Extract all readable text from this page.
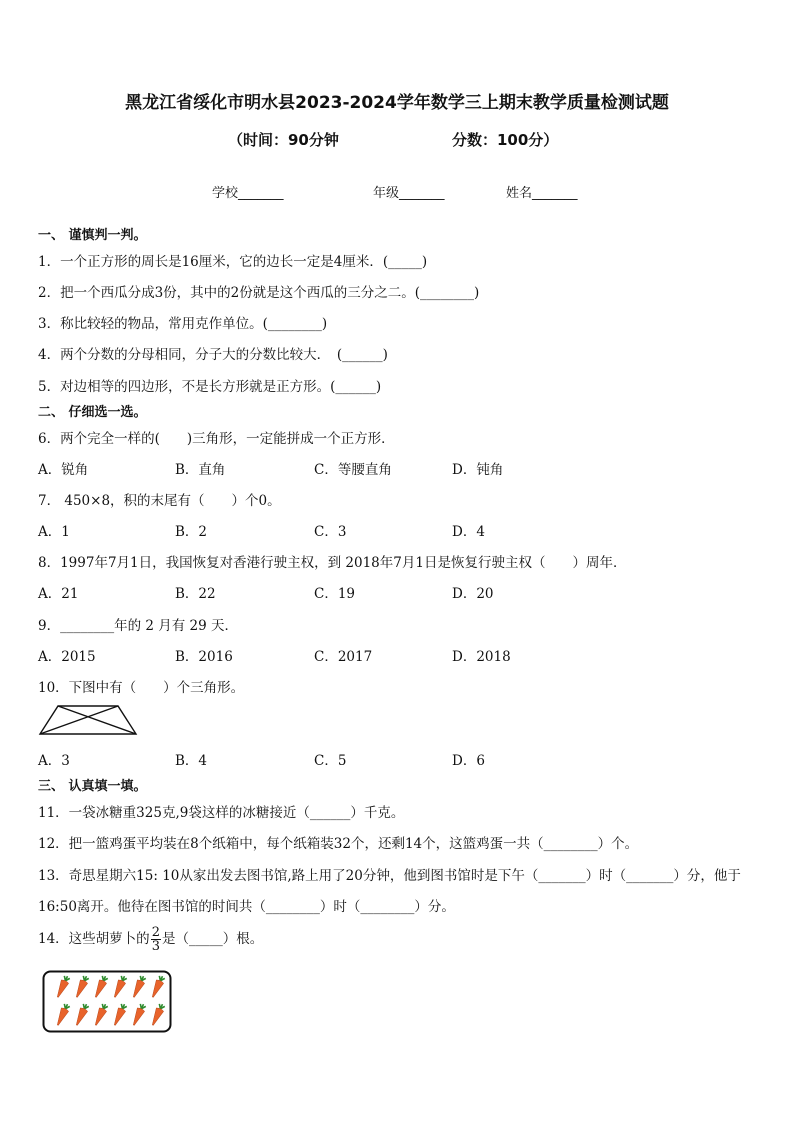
黑龙江省绥化市明水县2023-2024学年数学三上期末教学质量检测试题
（时间：90分钟	分数：100分）
学校_______	年级_______	姓名_______
一、 谨慎判一判。
1．一个正方形的周长是16厘米，它的边长一定是4厘米．(_____)
2．把一个西瓜分成3份，其中的2份就是这个西瓜的三分之二。(________)
3．称比较轻的物品，常用克作单位。(________)
4．两个分数的分母相同，分子大的分数比较大．　(______)
5．对边相等的四边形，不是长方形就是正方形。(______)
二、 仔细选一选。
6．两个完全一样的(　　)三角形，一定能拼成一个正方形．
A．锐角	B．直角	C．等腰直角	D．钝角
7． 450×8，积的末尾有（　　）个0。
A．1	B．2	C．3	D．4
8．1997年7月1日，我国恢复对香港行驶主权，到 2018年7月1日是恢复行驶主权（　　）周年．
A．21	B．22	C．19	D．20
9．________年的 2 月有 29 天．
A．2015	B．2016	C．2017	D．2018
10．下图中有（　　）个三角形。
A．3	B．4	C．5	D．6
三、 认真填一填。
11．一袋冰糖重325克,9袋这样的冰糖接近（______）千克。
12．把一篮鸡蛋平均装在8个纸箱中，每个纸箱装32个，还剩14个，这篮鸡蛋一共（________）个。
13．奇思星期六15: 10从家出发去图书馆,路上用了20分钟，他到图书馆时是下午（_______）时（_______）分，他于
16:50离开。他待在图书馆的时间共（________）时（________）分。
14．这些胡萝卜的 $\frac{2}{3}$ 是（_____）根。
